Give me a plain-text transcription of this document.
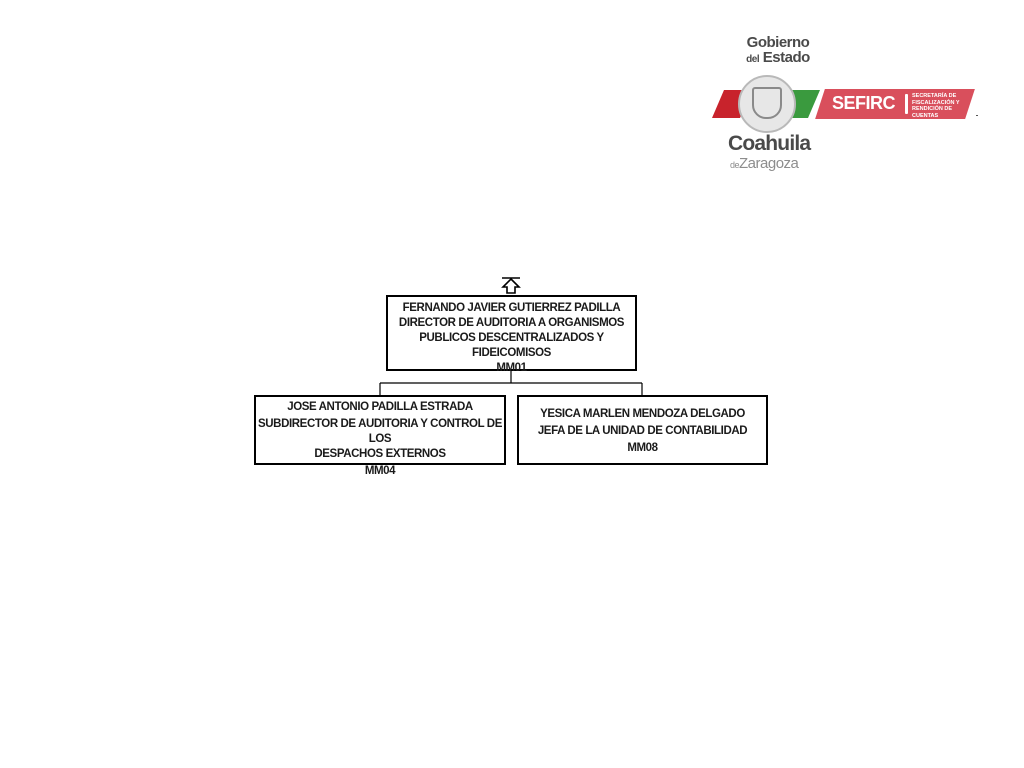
Gobierno
del Estado
Coahuila
deZaragoza
SEFIRC	SECRETARÍA DE FISCALIZACIÓN Y RENDICIÓN DE CUENTAS
FERNANDO JAVIER GUTIERREZ PADILLA
DIRECTOR DE AUDITORIA A ORGANISMOS
PUBLICOS DESCENTRALIZADOS Y FIDEICOMISOS
MM01
JOSE ANTONIO PADILLA ESTRADA
SUBDIRECTOR DE AUDITORIA Y CONTROL DE LOS
DESPACHOS EXTERNOS
MM04
YESICA MARLEN MENDOZA DELGADO
JEFA DE LA UNIDAD DE CONTABILIDAD
MM08
